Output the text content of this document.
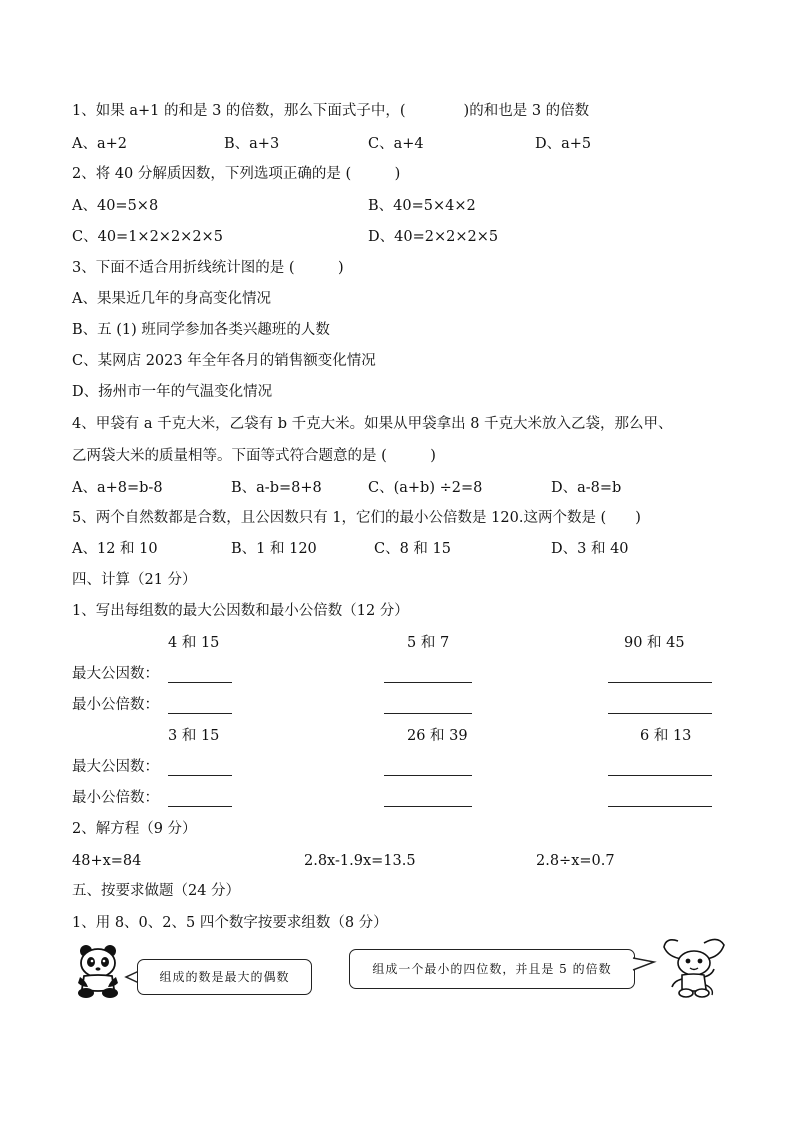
1、如果 a+1 的和是 3 的倍数，那么下面式子中，(　　　　)的和也是 3 的倍数
A、a+2	B、a+3	C、a+4	D、a+5
2、将 40 分解质因数，下列选项正确的是 (　　　)
A、40=5×8	B、40=5×4×2
C、40=1×2×2×2×5	D、40=2×2×2×5
3、下面不适合用折线统计图的是 (　　　)
A、果果近几年的身高变化情况
B、五 (1) 班同学参加各类兴趣班的人数
C、某网店 2023 年全年各月的销售额变化情况
D、扬州市一年的气温变化情况
4、甲袋有 a 千克大米，乙袋有 b 千克大米。如果从甲袋拿出 8 千克大米放入乙袋，那么甲、
乙两袋大米的质量相等。下面等式符合题意的是 (　　　)
A、a+8=b-8	B、a-b=8+8	C、(a+b) ÷2=8	D、a-8=b
5、两个自然数都是合数，且公因数只有 1，它们的最小公倍数是 120.这两个数是 (　　)
A、12 和 10	B、1 和 120	C、8 和 15	D、3 和 40
四、计算（21 分）
1、写出每组数的最大公因数和最小公倍数（12 分）
4 和 15	5 和 7	90 和 45
最大公因数：
最小公倍数：
3 和 15	26 和 39	6 和 13
最大公因数：
最小公倍数：
2、解方程（9 分）
48+x=84	2.8x-1.9x=13.5	2.8÷x=0.7
五、按要求做题（24 分）
1、用 8、0、2、5 四个数字按要求组数（8 分）
组成的数是最大的偶数
组成一个最小的四位数，并且是 5 的倍数
